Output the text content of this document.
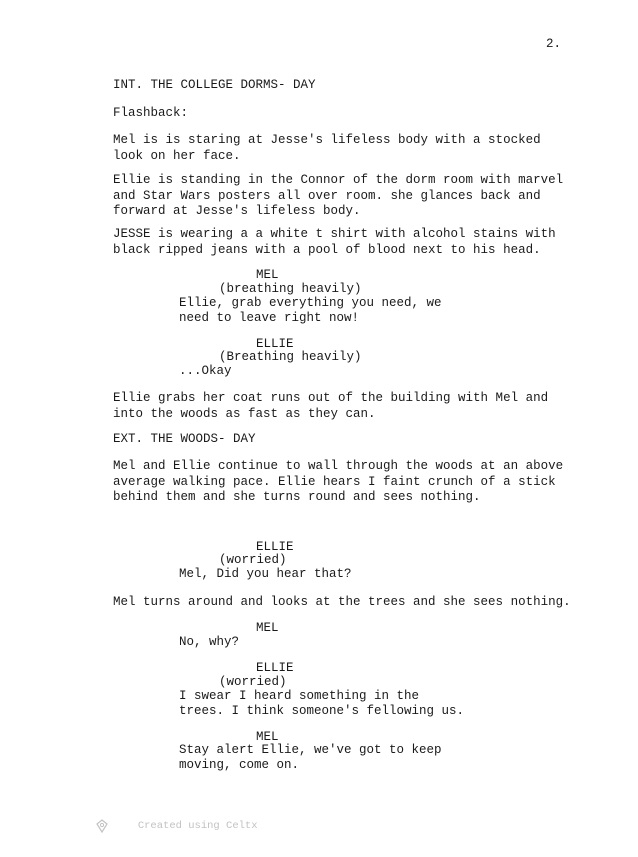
2.
INT. THE COLLEGE DORMS- DAY
Flashback:
Mel is is staring at Jesse's lifeless body with a stocked
look on her face.
Ellie is standing in the Connor of the dorm room with marvel
and Star Wars posters all over room. she glances back and
forward at Jesse's lifeless body.
JESSE is wearing a a white t shirt with alcohol stains with
black ripped jeans with a pool of blood next to his head.
MEL
(breathing heavily)
Ellie, grab everything you need, we
need to leave right now!
ELLIE
(Breathing heavily)
...Okay
Ellie grabs her coat runs out of the building with Mel and
into the woods as fast as they can.
EXT. THE WOODS- DAY
Mel and Ellie continue to wall through the woods at an above
average walking pace. Ellie hears I faint crunch of a stick
behind them and she turns round and sees nothing.
ELLIE
(worried)
Mel, Did you hear that?
Mel turns around and looks at the trees and she sees nothing.
MEL
No, why?
ELLIE
(worried)
I swear I heard something in the
trees. I think someone's fellowing us.
MEL
Stay alert Ellie, we've got to keep
moving, come on.

Created using Celtx
